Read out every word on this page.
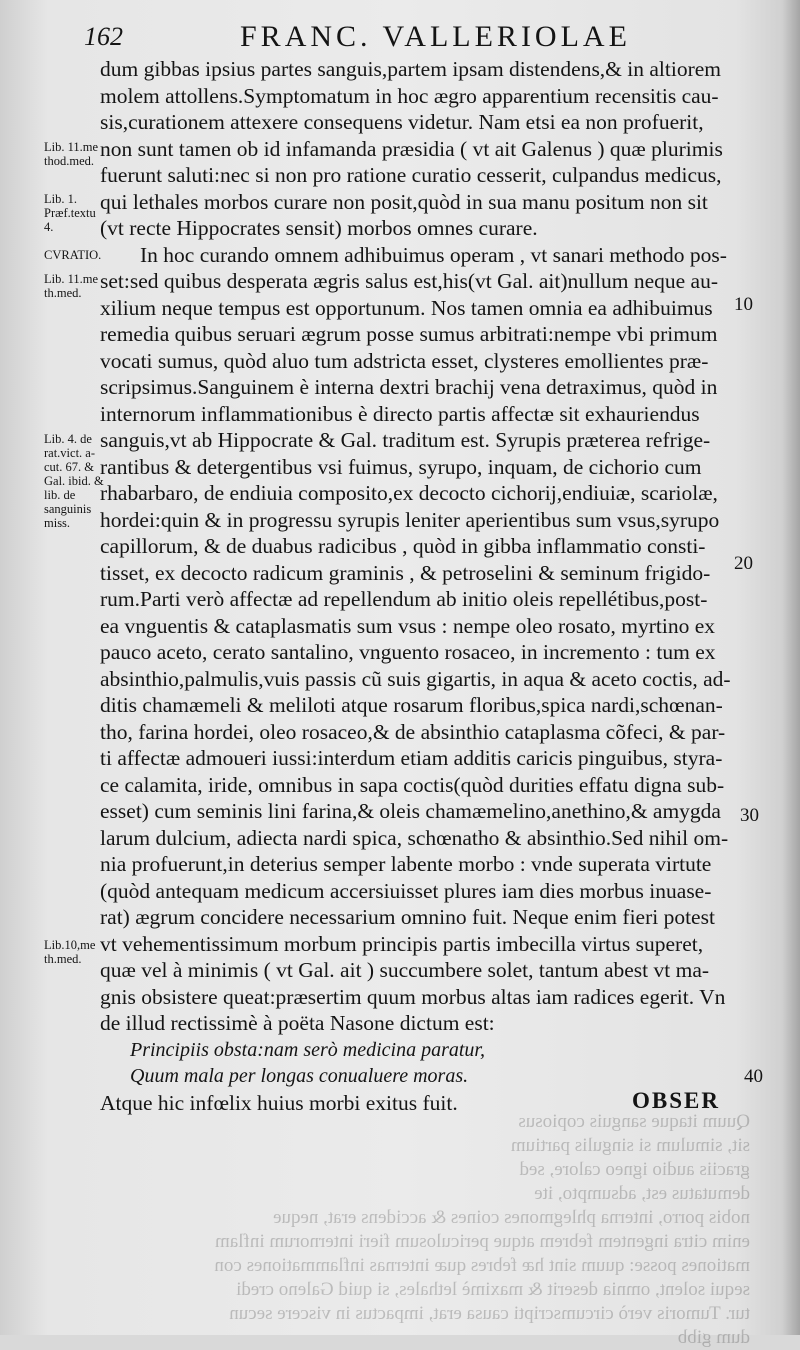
162	FRANC. VALLERIOLAE
dum gibbas ipsius partes sanguis,partem ipsam distendens,& in altiorem
molem attollens.Symptomatum in hoc ægro apparentium recensitis cau-
sis,curationem attexere consequens videtur. Nam etsi ea non profuerit,
non sunt tamen ob id infamanda præsidia ( vt ait Galenus ) quæ plurimis
fuerunt saluti:nec si non pro ratione curatio cesserit, culpandus medicus,
qui lethales morbos curare non posit,quòd in sua manu positum non sit
(vt recte Hippocrates sensit) morbos omnes curare.
In hoc curando omnem adhibuimus operam , vt sanari methodo pos-
set:sed quibus desperata ægris salus est,his(vt Gal. ait)nullum neque au-
xilium neque tempus est opportunum. Nos tamen omnia ea adhibuimus
remedia quibus seruari ægrum posse sumus arbitrati:nempe vbi primum
vocati sumus, quòd aluo tum adstricta esset, clysteres emollientes præ-
scripsimus.Sanguinem è interna dextri brachij vena detraximus, quòd in
internorum inflammationibus è directo partis affectæ sit exhauriendus
sanguis,vt ab Hippocrate & Gal. traditum est. Syrupis præterea refrige-
rantibus & detergentibus vsi fuimus, syrupo, inquam, de cichorio cum
rhabarbaro, de endiuia composito,ex decocto cichorij,endiuiæ, scariolæ,
hordei:quin & in progressu syrupis leniter aperientibus sum vsus,syrupo
capillorum, & de duabus radicibus , quòd in gibba inflammatio consti-
tisset, ex decocto radicum graminis , & petroselini & seminum frigido-
rum.Parti verò affectæ ad repellendum ab initio oleis repellétibus,post-
ea vnguentis & cataplasmatis sum vsus : nempe oleo rosato, myrtino ex
pauco aceto, cerato santalino, vnguento rosaceo, in incremento : tum ex
absinthio,palmulis,vuis passis cũ suis gigartis, in aqua & aceto coctis, ad-
ditis chamæmeli & meliloti atque rosarum floribus,spica nardi,schœnan-
tho, farina hordei, oleo rosaceo,& de absinthio cataplasma cõfeci, & par-
ti affectæ admoueri iussi:interdum etiam additis caricis pinguibus, styra-
ce calamita, iride, omnibus in sapa coctis(quòd durities effatu digna sub-
esset) cum seminis lini farina,& oleis chamæmelino,anethino,& amygda
larum dulcium, adiecta nardi spica, schœnatho & absinthio.Sed nihil om-
nia profuerunt,in deterius semper labente morbo : vnde superata virtute
(quòd antequam medicum accersiuisset plures iam dies morbus inuase-
rat) ægrum concidere necessarium omnino fuit. Neque enim fieri potest
vt vehementissimum morbum principis partis imbecilla virtus superet,
quæ vel à minimis ( vt Gal. ait ) succumbere solet, tantum abest vt ma-
gnis obsistere queat:præsertim quum morbus altas iam radices egerit. Vn
de illud rectissimè à poëta Nasone dictum est:
Principiis obsta:nam serò medicina paratur,
Quum mala per longas conualuere moras.
Atque hic infœlix huius morbi exitus fuit.	OBSER
Lib. 11.me thod.med.
Lib. 1. Præf.textu 4.
CVRATIO.
Lib. 11.me th.med.
Lib. 4. de rat.vict. a-cut. 67. & Gal. ibid. & lib. de sanguinis miss.
Lib.10,me th.med.
10
20
30
40
Quum itaque sanguis copiosus
sit, simulum si singulis partium
graciis audio igneo calore, sed
demutatus est, adsumpto, ite
nobis porro, interna phlegmones coines & accidens erat, neque
enim citra ingentem febrem atque periculosum fieri internorum inflam
mationes posse: quum sint hæ febres quæ internas inflammationes con
sequi solent, omnia deserit & maximè lethales, si quid Galeno credi
tur. Tumoris verò circumscripti causa erat, impactus in viscere secun
dum gibb
